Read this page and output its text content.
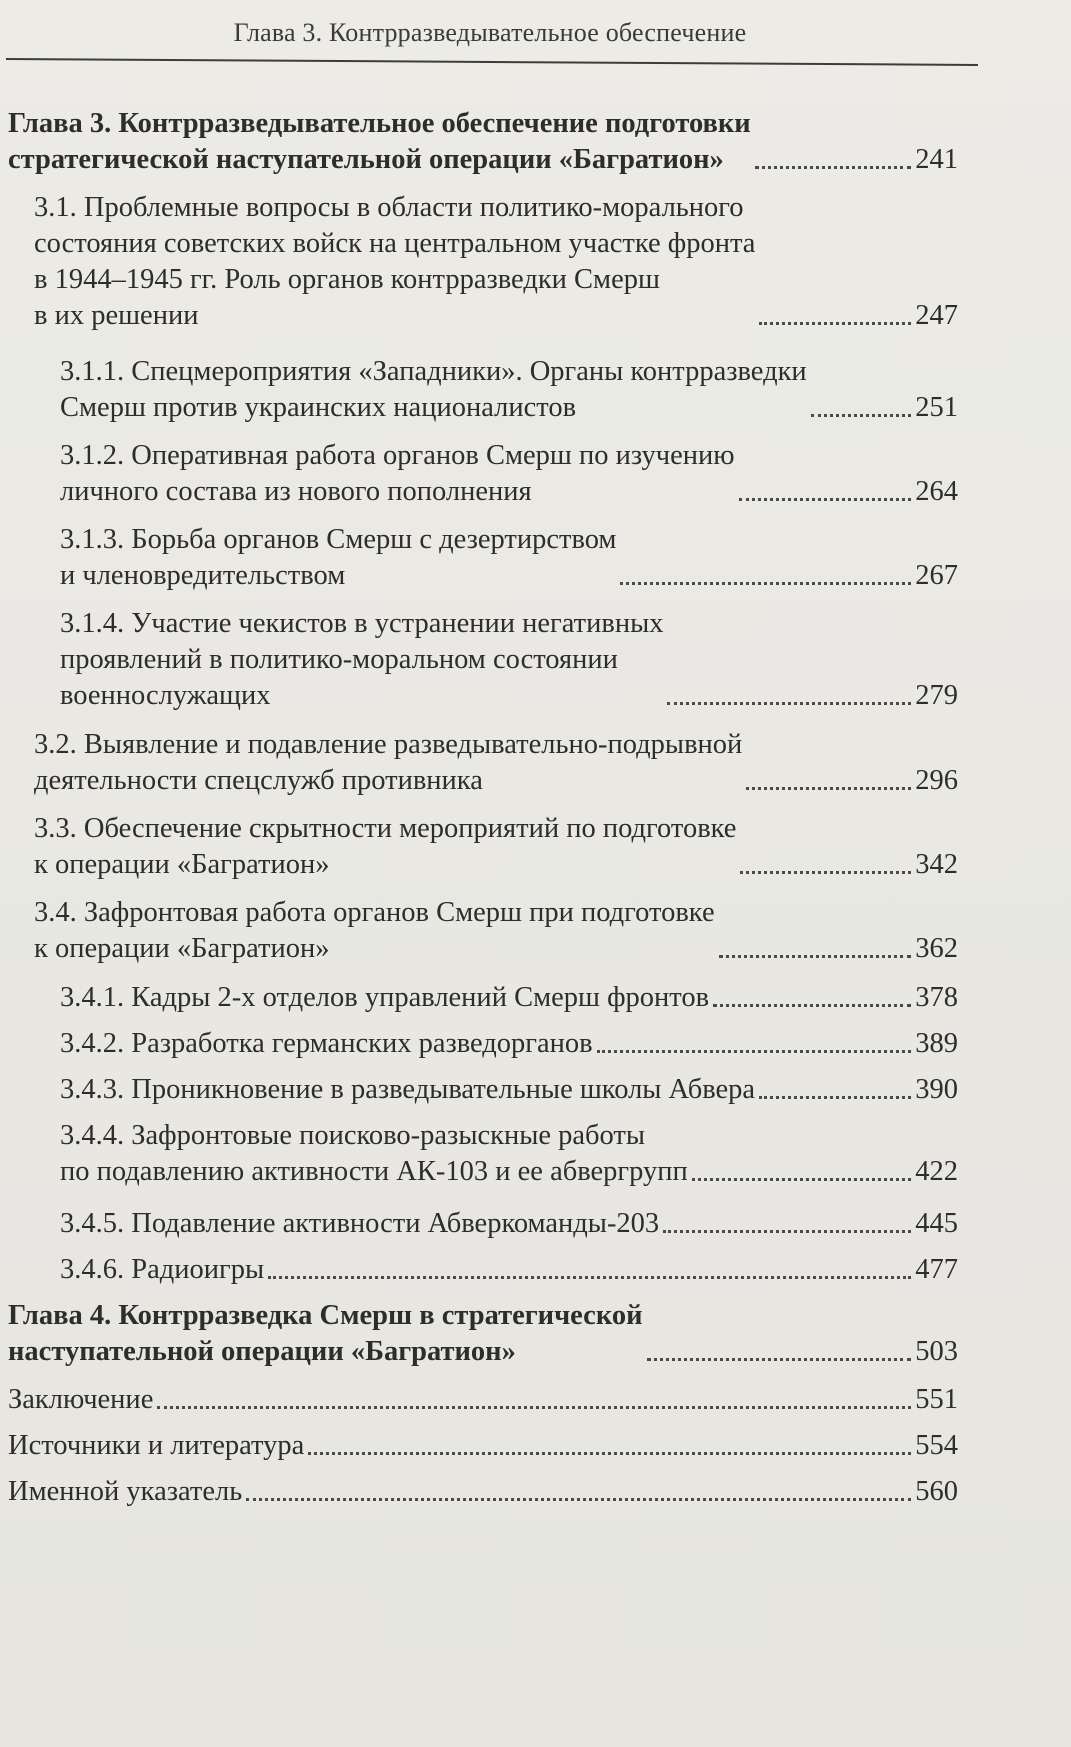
Глава 3. Контрразведывательное обеспечение
Глава 3. Контрразведывательное обеспечение подготовки
стратегической наступательной операции «Багратион»	241
3.1. Проблемные вопросы в области политико-морального
состояния советских войск на центральном участке фронта
в 1944–1945 гг. Роль органов контрразведки Смерш
в их решении	247
3.1.1. Спецмероприятия «Западники». Органы контрразведки
Смерш против украинских националистов	251
3.1.2. Оперативная работа органов Смерш по изучению
личного состава из нового пополнения	264
3.1.3. Борьба органов Смерш с дезертирством
и членовредительством	267
3.1.4. Участие чекистов в устранении негативных
проявлений в политико-моральном состоянии
военнослужащих	279
3.2. Выявление и подавление разведывательно-подрывной
деятельности спецслужб противника	296
3.3. Обеспечение скрытности мероприятий по подготовке
к операции «Багратион»	342
3.4. Зафронтовая работа органов Смерш при подготовке
к операции «Багратион»	362
3.4.1. Кадры 2-х отделов управлений Смерш фронтов	378
3.4.2. Разработка германских разведорганов	389
3.4.3. Проникновение в разведывательные школы Абвера	390
3.4.4. Зафронтовые поисково-разыскные работы
по подавлению активности АК-103 и ее абвергрупп	422
3.4.5. Подавление активности Абверкоманды-203	445
3.4.6. Радиоигры	477
Глава 4. Контрразведка Смерш в стратегической
наступательной операции «Багратион»	503
Заключение	551
Источники и литература	554
Именной указатель	560
